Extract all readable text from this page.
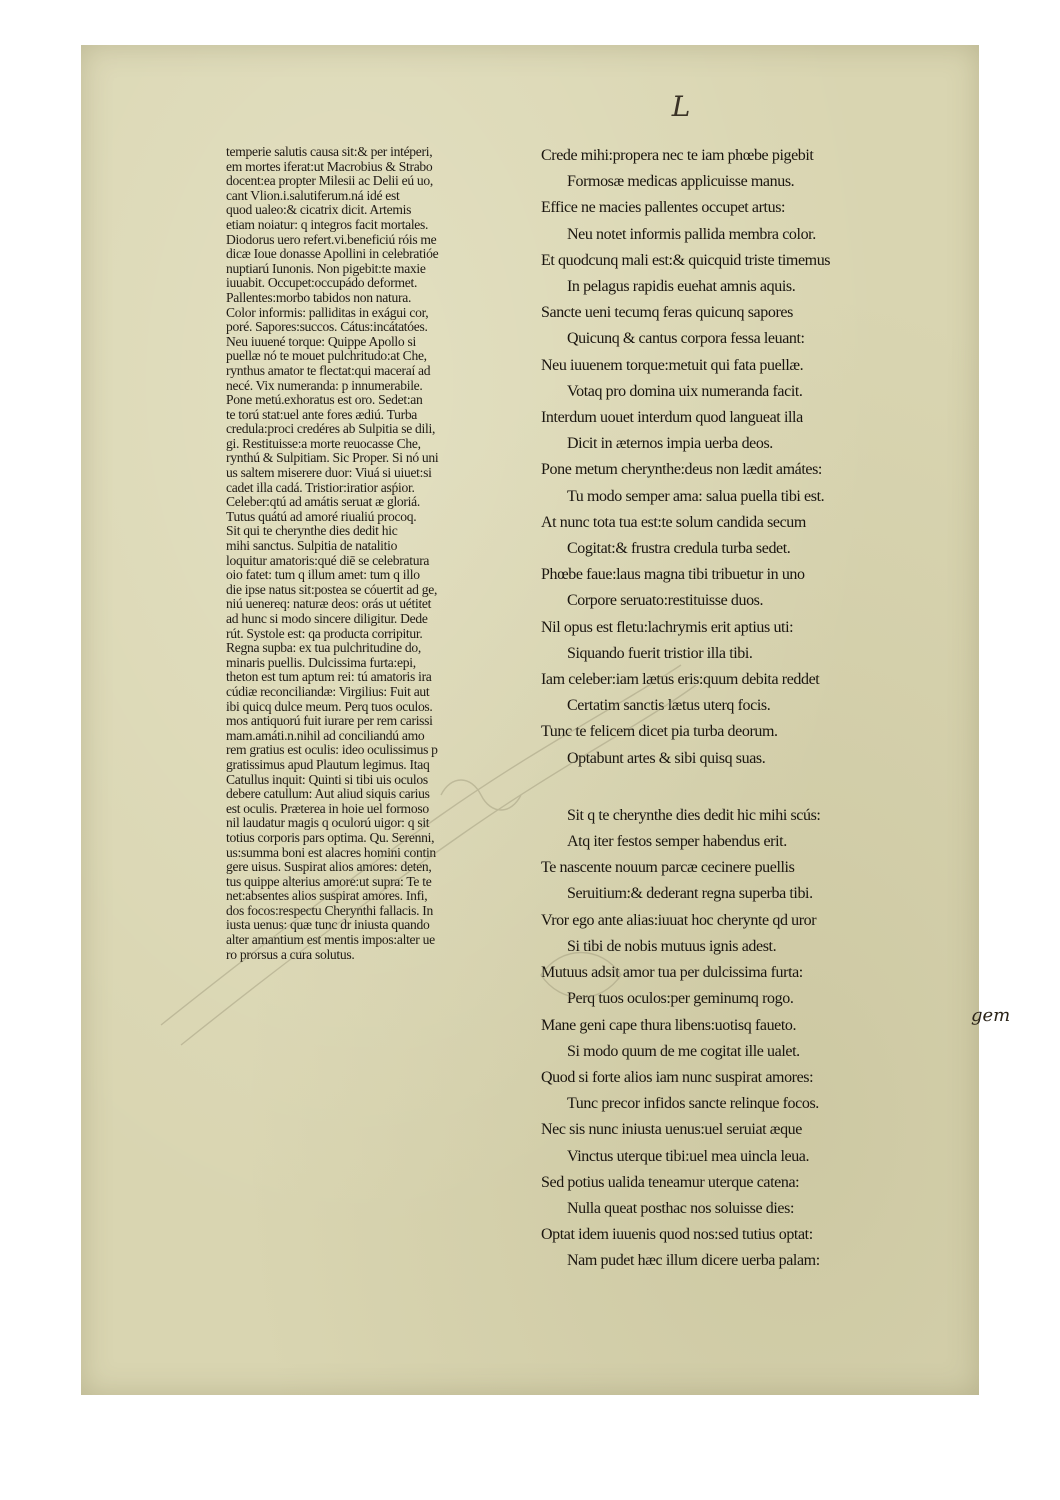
L
temperie salutis causa sit:& per intéperi,
em mortes iferat:ut Macrobius & Strabo
docent:ea propter Milesii ac Delii eú uo,
cant Vlion.i.salutiferum.ná idé est
quod ualeo:& cicatrix dicit. Artemis
etiam noiatur: q integros facit mortales.
Diodorus uero refert.vi.beneficiú róis me
dicæ Ioue donasse Apollini in celebratióe
nuptiarú Iunonis. Non pigebit:te maxie
iuuabit. Occupet:occupádo deformet.
Pallentes:morbo tabidos non natura.
Color informis: palliditas in exágui cor,
poré. Sapores:succos. Cátus:incátatóes.
Neu iuuené torque: Quippe Apollo si
puellæ nó te mouet pulchritudo:at Che,
rynthus amator te flectat:qui maceraí ad
necé. Vix numeranda: p innumerabile.
Pone metú.exhoratus est oro. Sedet:an
te torú stat:uel ante fores ædiú. Turba
credula:proci credéres ab Sulpitia se dili,
gi. Restituisse:a morte reuocasse Che,
rynthú & Sulpitiam. Sic Proper. Si nó uni
us saltem miserere duor: Viuá si uiuet:si
cadet illa cadá. Tristior:iratior asṕior.
Celeber:qtú ad amátis seruat æ gloriá.
Tutus quátú ad amoré riualiú procoq.
Sit qui te cherynthe dies dedit hic
mihi sanctus. Sulpitia de natalitio
loquitur amatoris:qué diē se celebratura
oio fatet: tum q illum amet: tum q illo
die ipse natus sit:postea se cóuertit ad ge,
niú uenereq: naturæ deos: orás ut uétitet
ad hunc si modo sincere diligitur. Dede
rút. Systole est: qa producta corripitur.
Regna supba: ex tua pulchritudine do,
minaris puellis. Dulcissima furta:epi,
theton est tum aptum rei: tú amatoris ira
cúdiæ reconciliandæ: Virgilius: Fuit aut
ibi quicq dulce meum. Perq tuos oculos.
mos antiquorú fuit iurare per rem carissi
mam.amáti.n.nihil ad conciliandú amo
rem gratius est oculis: ideo oculissimus p
gratissimus apud Plautum legimus. Itaq
Catullus inquit: Quinti si tibi uis oculos
debere catullum: Aut aliud siquis carius
est oculis. Præterea in hoie uel formoso
nil laudatur magis q oculorú uigor: q sit
totius corporis pars optima. Qu. Serenni,
us:summa boni est alacres homini contin
gere uisus. Suspirat alios amores: deten,
tus quippe alterius amore:ut supra: Te te
net:absentes alios suspirat amores. Infi,
dos focos:respectu Cherynthi fallacis. In
iusta uenus: quæ tunc dr iniusta quando
alter amantium est mentis impos:alter ue
ro prorsus a cura solutus.
Crede mihi:propera nec te iam phœbe pigebit
Formosæ medicas applicuisse manus.
Effice ne macies pallentes occupet artus:
Neu notet informis pallida membra color.
Et quodcunq mali est:& quicquid triste timemus
In pelagus rapidis euehat amnis aquis.
Sancte ueni tecumq feras quicunq sapores
Quicunq & cantus corpora fessa leuant:
Neu iuuenem torque:metuit qui fata puellæ.
Votaq pro domina uix numeranda facit.
Interdum uouet interdum quod langueat illa
Dicit in æternos impia uerba deos.
Pone metum cherynthe:deus non lædit amátes:
Tu modo semper ama: salua puella tibi est.
At nunc tota tua est:te solum candida secum
Cogitat:& frustra credula turba sedet.
Phœbe faue:laus magna tibi tribuetur in uno
Corpore seruato:restituisse duos.
Nil opus est fletu:lachrymis erit aptius uti:
Siquando fuerit tristior illa tibi.
Iam celeber:iam lætus eris:quum debita reddet
Certatim sanctis lætus uterq focis.
Tunc te felicem dicet pia turba deorum.
Optabunt artes & sibi quisq suas.
Sit q te cherynthe dies dedit hic mihi scús:
Atq iter festos semper habendus erit.
Te nascente nouum parcæ cecinere puellis
Seruitium:& dederant regna superba tibi.
Vror ego ante alias:iuuat hoc cherynte qd uror
Si tibi de nobis mutuus ignis adest.
Mutuus adsit amor tua per dulcissima furta:
Perq tuos oculos:per geminumq rogo.
Mane geni cape thura libens:uotisq faueto.
Si modo quum de me cogitat ille ualet.
Quod si forte alios iam nunc suspirat amores:
Tunc precor infidos sancte relinque focos.
Nec sis nunc iniusta uenus:uel seruiat æque
Vinctus uterque tibi:uel mea uincla leua.
Sed potius ualida teneamur uterque catena:
Nulla queat posthac nos soluisse dies:
Optat idem iuuenis quod nos:sed tutius optat:
Nam pudet hæc illum dicere uerba palam:
gem
